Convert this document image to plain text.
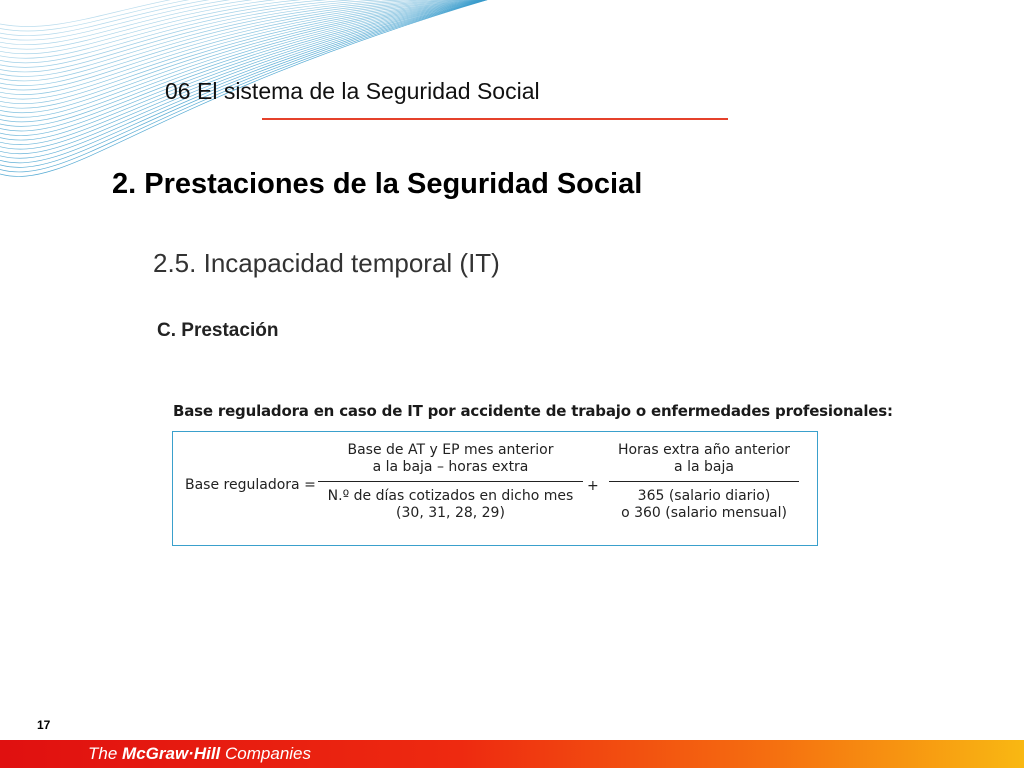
06 El sistema de la Seguridad Social
2. Prestaciones de la Seguridad Social
2.5. Incapacidad temporal (IT)
C. Prestación
Base reguladora en caso de IT por accidente de trabajo o enfermedades profesionales:
Base reguladora =
Base de AT y EP mes anterior
a la baja – horas extra
N.º de días cotizados en dicho mes
(30, 31, 28, 29)
+
Horas extra año anterior
a la baja
365 (salario diario)
o 360 (salario mensual)
17
The McGraw·Hill Companies
